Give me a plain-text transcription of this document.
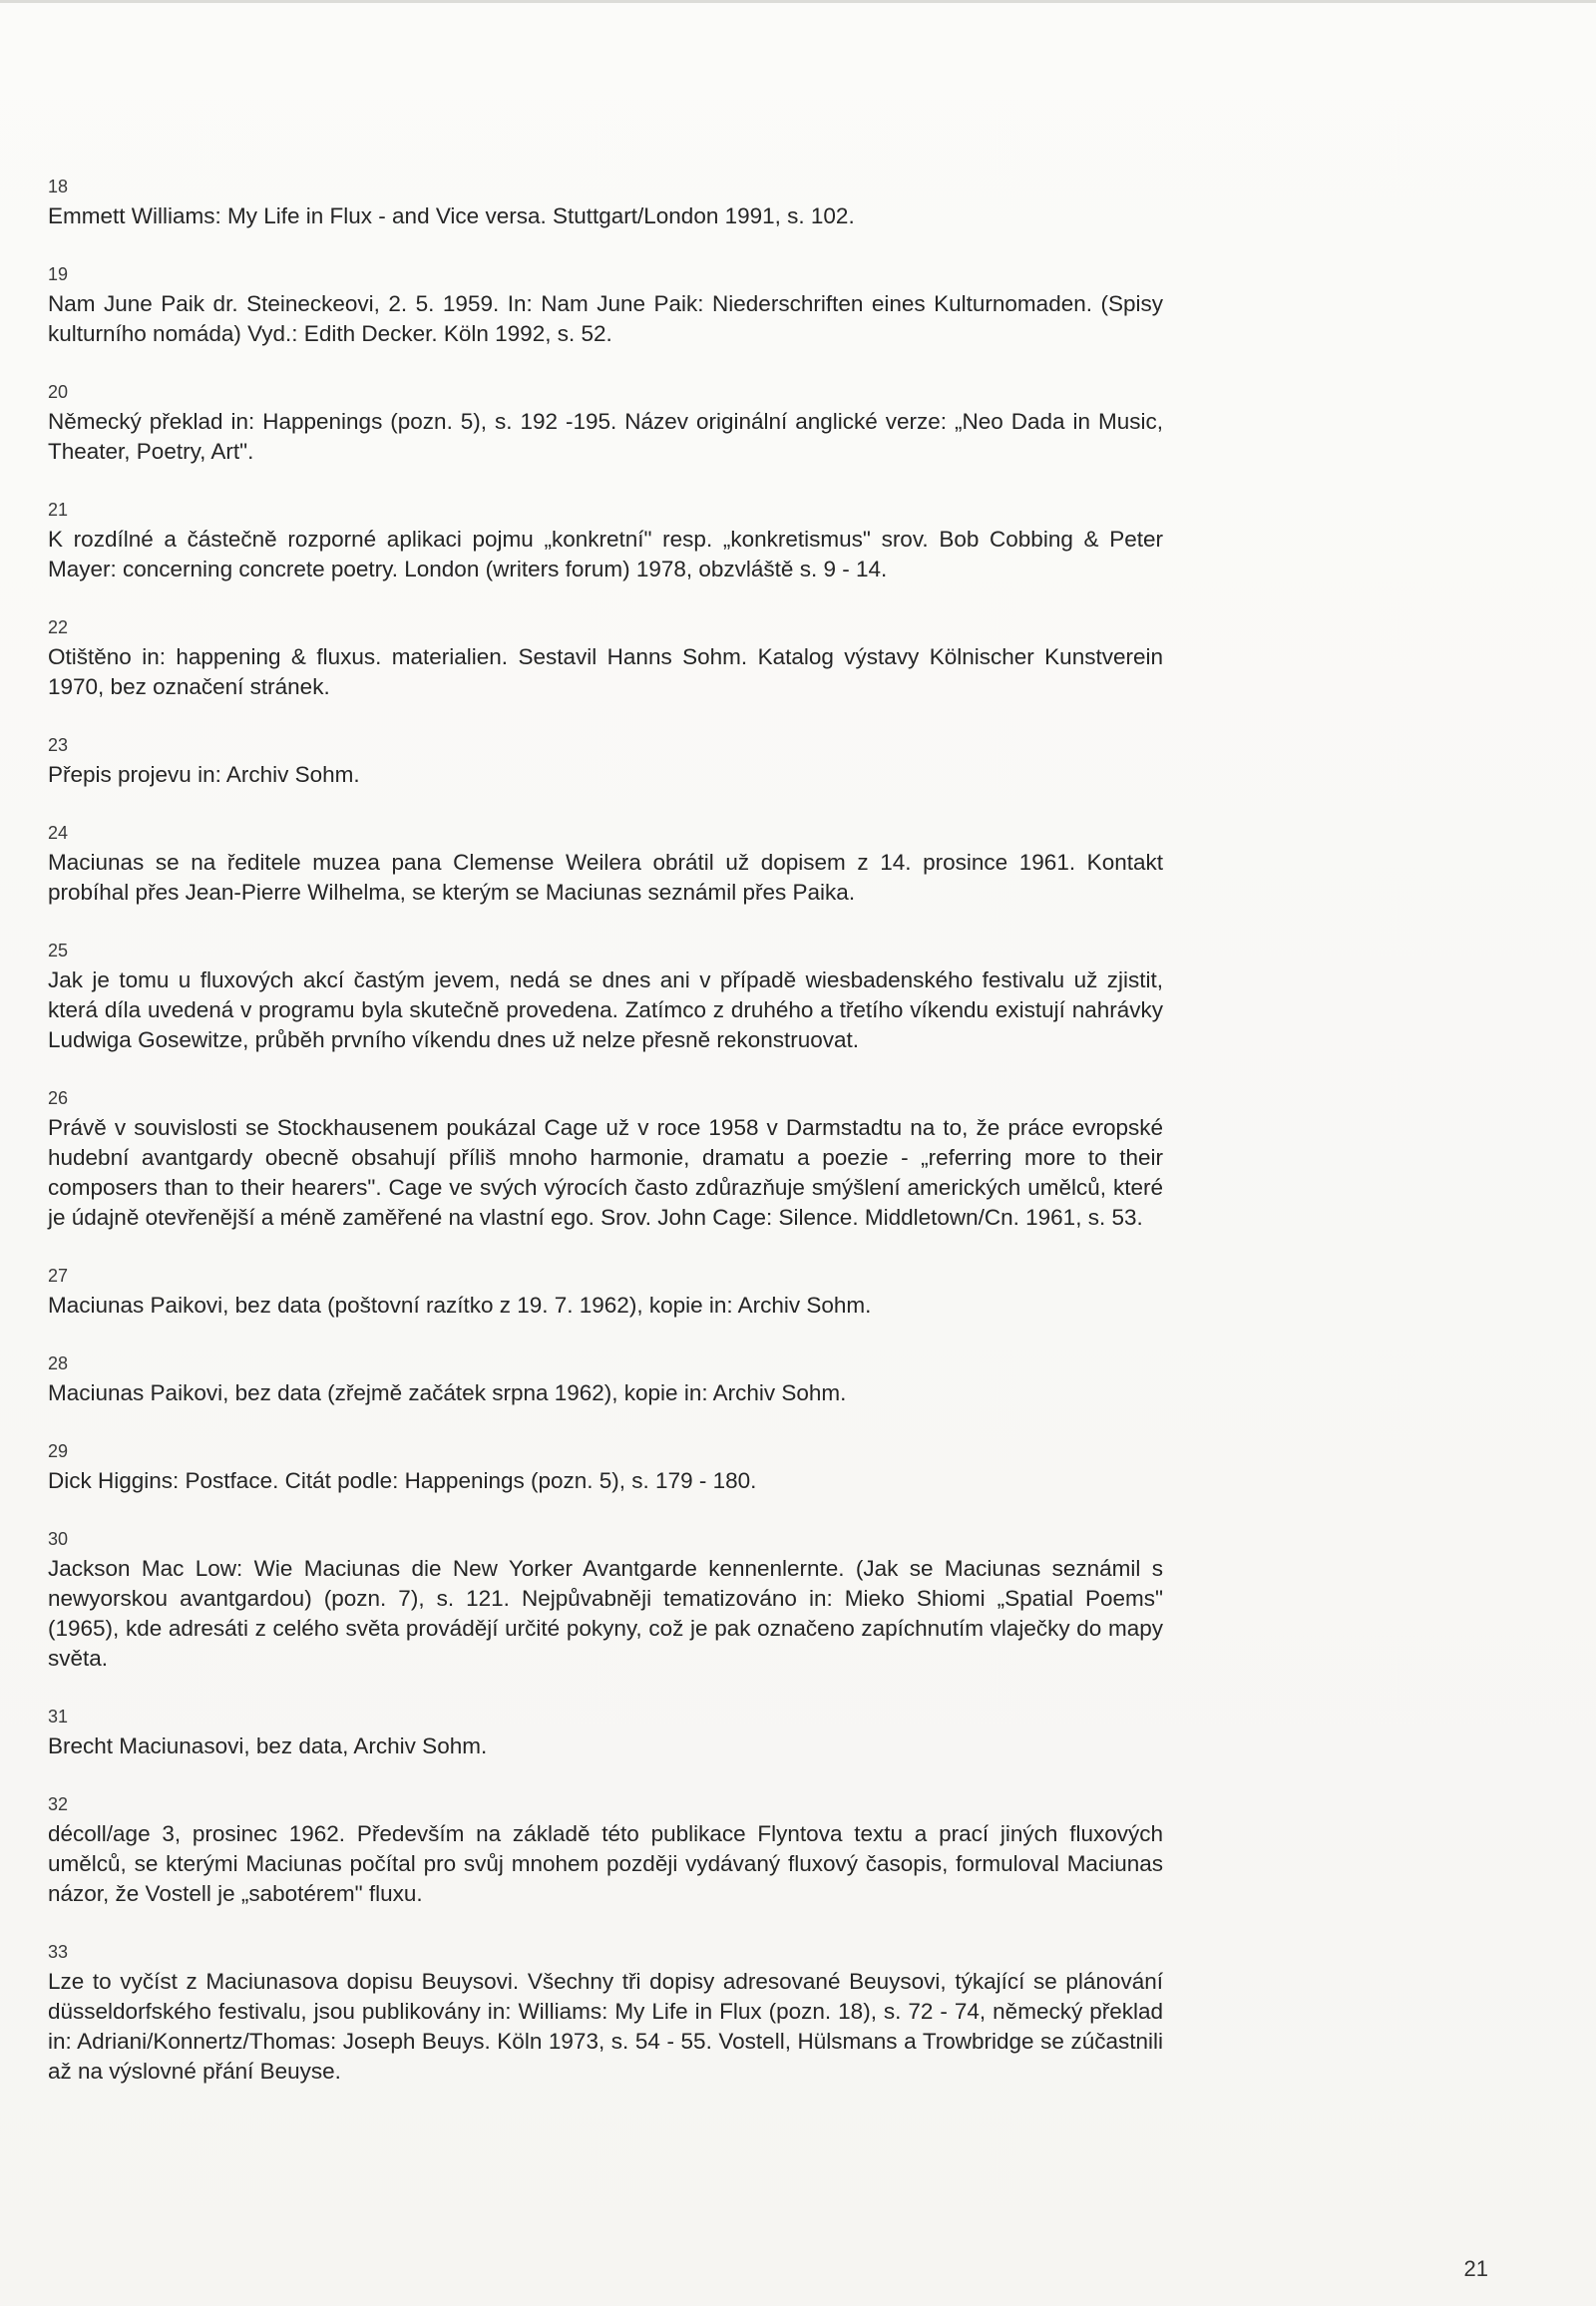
18
Emmett Williams: My Life in Flux - and Vice versa. Stuttgart/London 1991, s. 102.

19
Nam June Paik dr. Steineckeovi, 2. 5. 1959. In: Nam June Paik: Niederschriften eines Kulturnomaden. (Spisy kulturního nomáda) Vyd.: Edith Decker. Köln 1992, s. 52.

20
Německý překlad in: Happenings (pozn. 5), s. 192 -195. Název originální anglické verze: „Neo Dada in Music, Theater, Poetry, Art".

21
K rozdílné a částečně rozporné aplikaci pojmu „konkretní" resp. „konkretismus" srov. Bob Cobbing & Peter Mayer: concerning concrete poetry. London (writers forum) 1978, obzvláště s. 9 - 14.

22
Otištěno in: happening & fluxus. materialien. Sestavil Hanns Sohm. Katalog výstavy Kölnischer Kunstverein 1970, bez označení stránek.

23
Přepis projevu in: Archiv Sohm.

24
Maciunas se na ředitele muzea pana Clemense Weilera obrátil už dopisem z 14. prosince 1961. Kontakt probíhal přes Jean-Pierre Wilhelma, se kterým se Maciunas seznámil přes Paika.

25
Jak je tomu u fluxových akcí častým jevem, nedá se dnes ani v případě wiesbadenského festivalu už zjistit, která díla uvedená v programu byla skutečně provedena. Zatímco z druhého a třetího víkendu existují nahrávky Ludwiga Gosewitze, průběh prvního víkendu dnes už nelze přesně rekonstruovat.

26
Právě v souvislosti se Stockhausenem poukázal Cage už v roce 1958 v Darmstadtu na to, že práce evropské hudební avantgardy obecně obsahují příliš mnoho harmonie, dramatu a poezie - „referring more to their composers than to their hearers". Cage ve svých výrocích často zdůrazňuje smýšlení amerických umělců, které je údajně otevřenější a méně zaměřené na vlastní ego. Srov. John Cage: Silence. Middletown/Cn. 1961, s. 53.

27
Maciunas Paikovi, bez data (poštovní razítko z 19. 7. 1962), kopie in: Archiv Sohm.

28
Maciunas Paikovi, bez data (zřejmě začátek srpna 1962), kopie in: Archiv Sohm.

29
Dick Higgins: Postface. Citát podle: Happenings (pozn. 5), s. 179 - 180.

30
Jackson Mac Low: Wie Maciunas die New Yorker Avantgarde kennenlernte. (Jak se Maciunas seznámil s newyorskou avantgardou) (pozn. 7), s. 121. Nejpůvabněji tematizováno in: Mieko Shiomi „Spatial Poems" (1965), kde adresáti z celého světa provádějí určité pokyny, což je pak označeno zapíchnutím vlaječky do mapy světa.

31
Brecht Maciunasovi, bez data, Archiv Sohm.

32
décoll/age 3, prosinec 1962. Především na základě této publikace Flyntova textu a prací jiných fluxových umělců, se kterými Maciunas počítal pro svůj mnohem později vydávaný fluxový časopis, formuloval Maciunas názor, že Vostell je „sabotérem" fluxu.

33
Lze to vyčíst z Maciunasova dopisu Beuysovi. Všechny tři dopisy adresované Beuysovi, týkající se plánování düsseldorfského festivalu, jsou publikovány in: Williams: My Life in Flux (pozn. 18), s. 72 - 74, německý překlad in: Adriani/Konnertz/Thomas: Joseph Beuys. Köln 1973, s. 54 - 55. Vostell, Hülsmans a Trowbridge se zúčastnili až na výslovné přání Beuyse.

21
